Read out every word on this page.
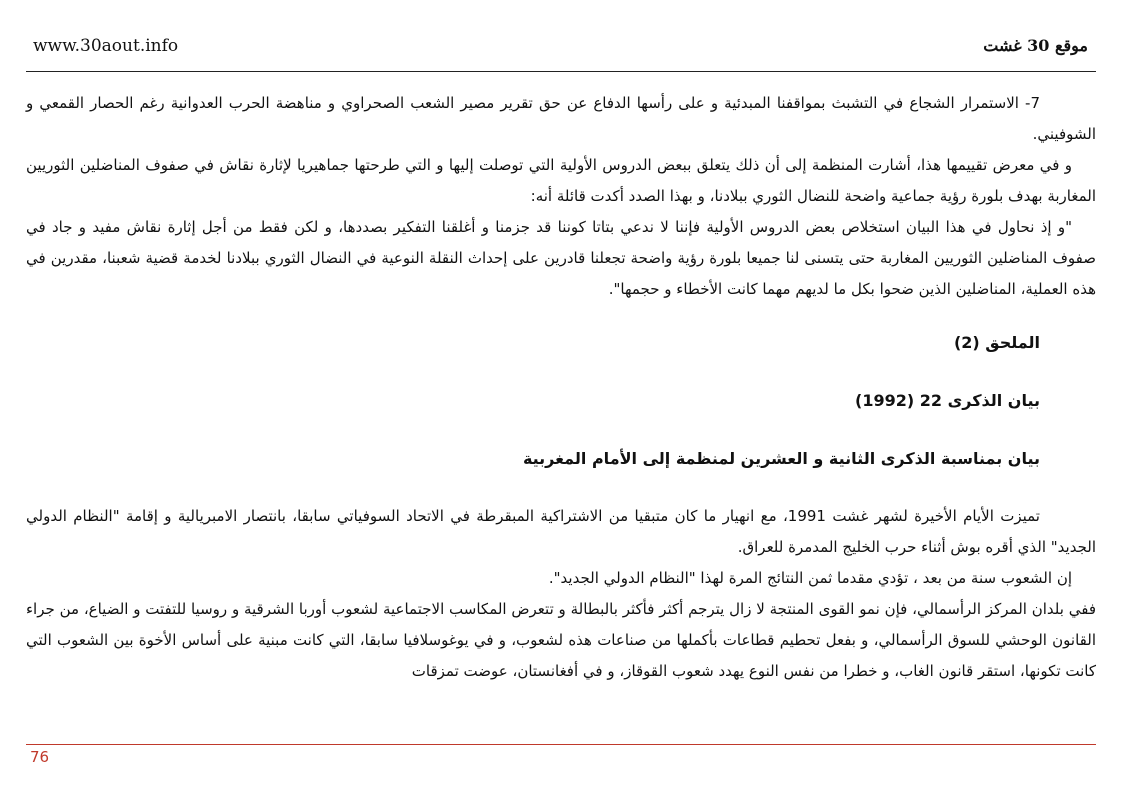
www.30aout.info	موقع 30 غشت

7- الاستمرار الشجاع في التشبث بمواقفنا المبدئية و على رأسها الدفاع عن حق تقرير مصير الشعب الصحراوي و مناهضة الحرب العدوانية رغم الحصار القمعي و الشوفيني.

و في معرض تقييمها هذا، أشارت المنظمة إلى أن ذلك يتعلق ببعض الدروس الأولية التي توصلت إليها و التي طرحتها جماهيريا لإثارة نقاش في صفوف المناضلين الثوريين المغاربة بهدف بلورة رؤية جماعية واضحة للنضال الثوري ببلادنا، و بهذا الصدد أكدت قائلة أنه:

"و إذ نحاول في هذا البيان استخلاص بعض الدروس الأولية فإننا لا ندعي بتاتا كوننا قد جزمنا و أغلقنا التفكير بصددها، و لكن فقط من أجل إثارة نقاش مفيد و جاد في صفوف المناضلين الثوريين المغاربة حتى يتسنى لنا جميعا بلورة رؤية واضحة تجعلنا قادرين على إحداث النقلة النوعية في النضال الثوري ببلادنا لخدمة قضية شعبنا، مقدرين في هذه العملية، المناضلين الذين ضحوا بكل ما لديهم مهما كانت الأخطاء و حجمها".

الملحق (2)

بيان الذكرى 22 (1992)

بيان بمناسبة الذكرى الثانية و العشرين لمنظمة إلى الأمام المغربية

تميزت الأيام الأخيرة لشهر غشت 1991، مع انهيار ما كان متبقيا من الاشتراكية المبقرطة في الاتحاد السوفياتي سابقا، بانتصار الامبريالية و إقامة "النظام الدولي الجديد" الذي أقره بوش أثناء حرب الخليج المدمرة للعراق.

إن الشعوب سنة من بعد ، تؤدي مقدما ثمن النتائج المرة لهذا "النظام الدولي الجديد".

ففي بلدان المركز الرأسمالي، فإن نمو القوى المنتجة لا زال يترجم أكثر فأكثر بالبطالة و تتعرض المكاسب الاجتماعية لشعوب أوربا الشرقية و روسيا للتفتت و الضياع، من جراء القانون الوحشي للسوق الرأسمالي، و بفعل تحطيم قطاعات بأكملها من صناعات هذه لشعوب، و في يوغوسلافيا سابقا، التي كانت مبنية على أساس الأخوة بين الشعوب التي كانت تكونها، استقر قانون الغاب، و خطرا من نفس النوع يهدد شعوب القوقاز، و في أفغانستان، عوضت تمزقات

76
